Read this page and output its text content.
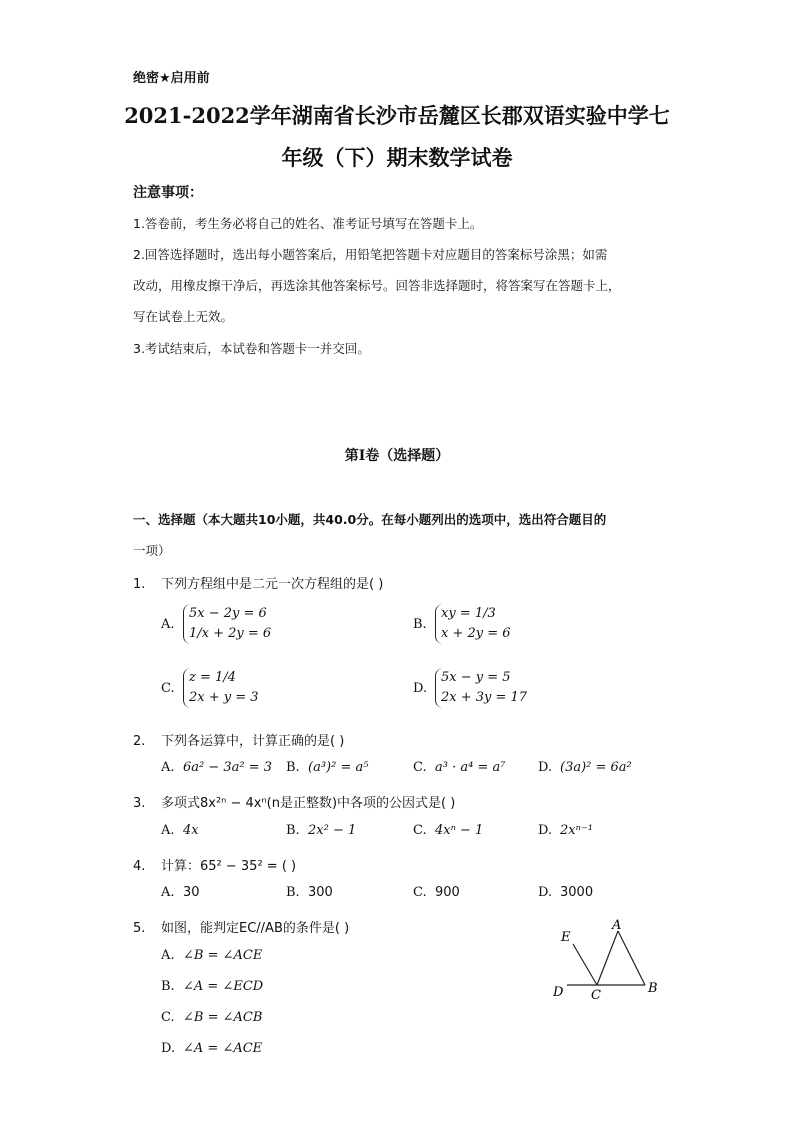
绝密★启用前
2021-2022学年湖南省长沙市岳麓区长郡双语实验中学七
年级（下）期末数学试卷
注意事项：
1.答卷前，考生务必将自己的姓名、准考证号填写在答题卡上。
2.回答选择题时，选出每小题答案后，用铅笔把答题卡对应题目的答案标号涂黑；如需
改动，用橡皮擦干净后，再选涂其他答案标号。回答非选择题时，将答案写在答题卡上，
写在试卷上无效。
3.考试结束后，本试卷和答题卡一并交回。
第Ⅰ卷（选择题）
一、选择题（本大题共10小题，共40.0分。在每小题列出的选项中，选出符合题目的
一项）
1. 下列方程组中是二元一次方程组的是( )
A.5x − 2y = 6
1/x + 2y = 6
B.xy = 1/3
x + 2y = 6
C.z = 1/4
2x + y = 3
D.5x − y = 5
2x + 3y = 17
2. 下列各运算中，计算正确的是( )
A. 6a² − 3a² = 3 B. (a³)² = a⁵	C. a³ · a⁴ = a⁷	D. (3a)² = 6a²
3. 多项式8x²ⁿ − 4xⁿ(n是正整数)中各项的公因式是( )
A. 4x	B. 2x² − 1	C. 4xⁿ − 1	D. 2xⁿ⁻¹
4. 计算：65² − 35² = ( )
A. 30	B. 300	C. 900	D. 3000
5. 如图，能判定EC//AB的条件是( )
A. ∠B = ∠ACE
B. ∠A = ∠ECD
C. ∠B = ∠ACB
D. ∠A = ∠ACE
E
A
D C	B
